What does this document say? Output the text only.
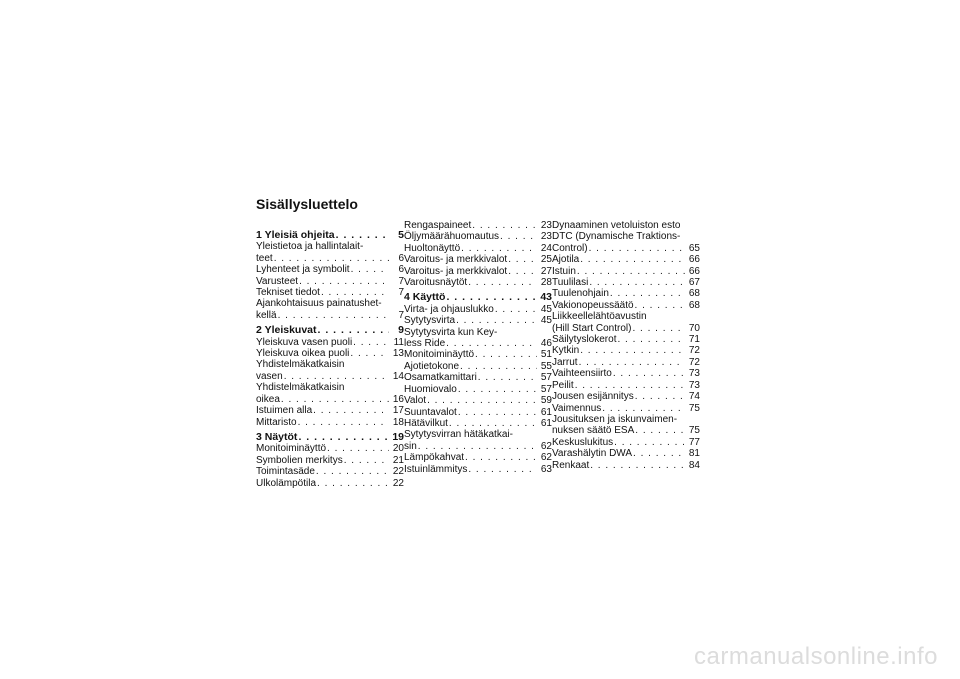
Sisällysluettelo
1 Yleisiä ohjeita . . .	5
Yleistietoa ja hallintalait-
teet . . .	6
Lyhenteet ja symbolit . . .	6
Varusteet . . .	7
Tekniset tiedot . . .	7
Ajankohtaisuus painatushet-
kellä . . .	7
2 Yleiskuvat . . .	9
Yleiskuva vasen puoli . . .	11
Yleiskuva oikea puoli . . .	13
Yhdistelmäkatkaisin
vasen . . .	14
Yhdistelmäkatkaisin
oikea . . .	16
Istuimen alla . . .	17
Mittaristo . . .	18
3 Näytöt . . .	19
Monitoiminäyttö . . .	20
Symbolien merkitys . . .	21
Toimintasäde . . .	22
Ulkolämpötila . . .	22
Rengaspaineet . . .	23
Öljymäärähuomautus . . .	23
Huoltonäyttö . . .	24
Varoitus- ja merkkivalot . . .	25
Varoitus- ja merkkivalot . . .	27
Varoitusnäytöt . . .	28
4 Käyttö . . .	43
Virta- ja ohjauslukko . . .	45
Sytytysvirta . . .	45
Sytytysvirta kun Key-
less Ride . . .	46
Monitoiminäyttö . . .	51
Ajotietokone . . .	55
Osamatkamittari . . .	57
Huomiovalo . . .	57
Valot . . .	59
Suuntavalot . . .	61
Hätävilkut . . .	61
Sytytysvirran hätäkatkai-
sin . . .	62
Lämpökahvat . . .	62
Istuinlämmitys . . .	63
Dynaaminen vetoluiston esto
DTC (Dynamische Traktions-
Control) . . .	65
Ajotila . . .	66
Istuin . . .	66
Tuulilasi . . .	67
Tuulenohjain . . .	68
Vakionopeussäätö . . .	68
Liikkeellelähtöavustin
(Hill Start Control) . . .	70
Säilytyslokerot . . .	71
Kytkin . . .	72
Jarrut . . .	72
Vaihteensiirto . . .	73
Peilit . . .	73
Jousen esijännitys . . .	74
Vaimennus . . .	75
Jousituksen ja iskunvaimen-
nuksen säätö ESA . . .	75
Keskuslukitus . . .	77
Varashälytin DWA . . .	81
Renkaat . . .	84
carmanualsonline.info
